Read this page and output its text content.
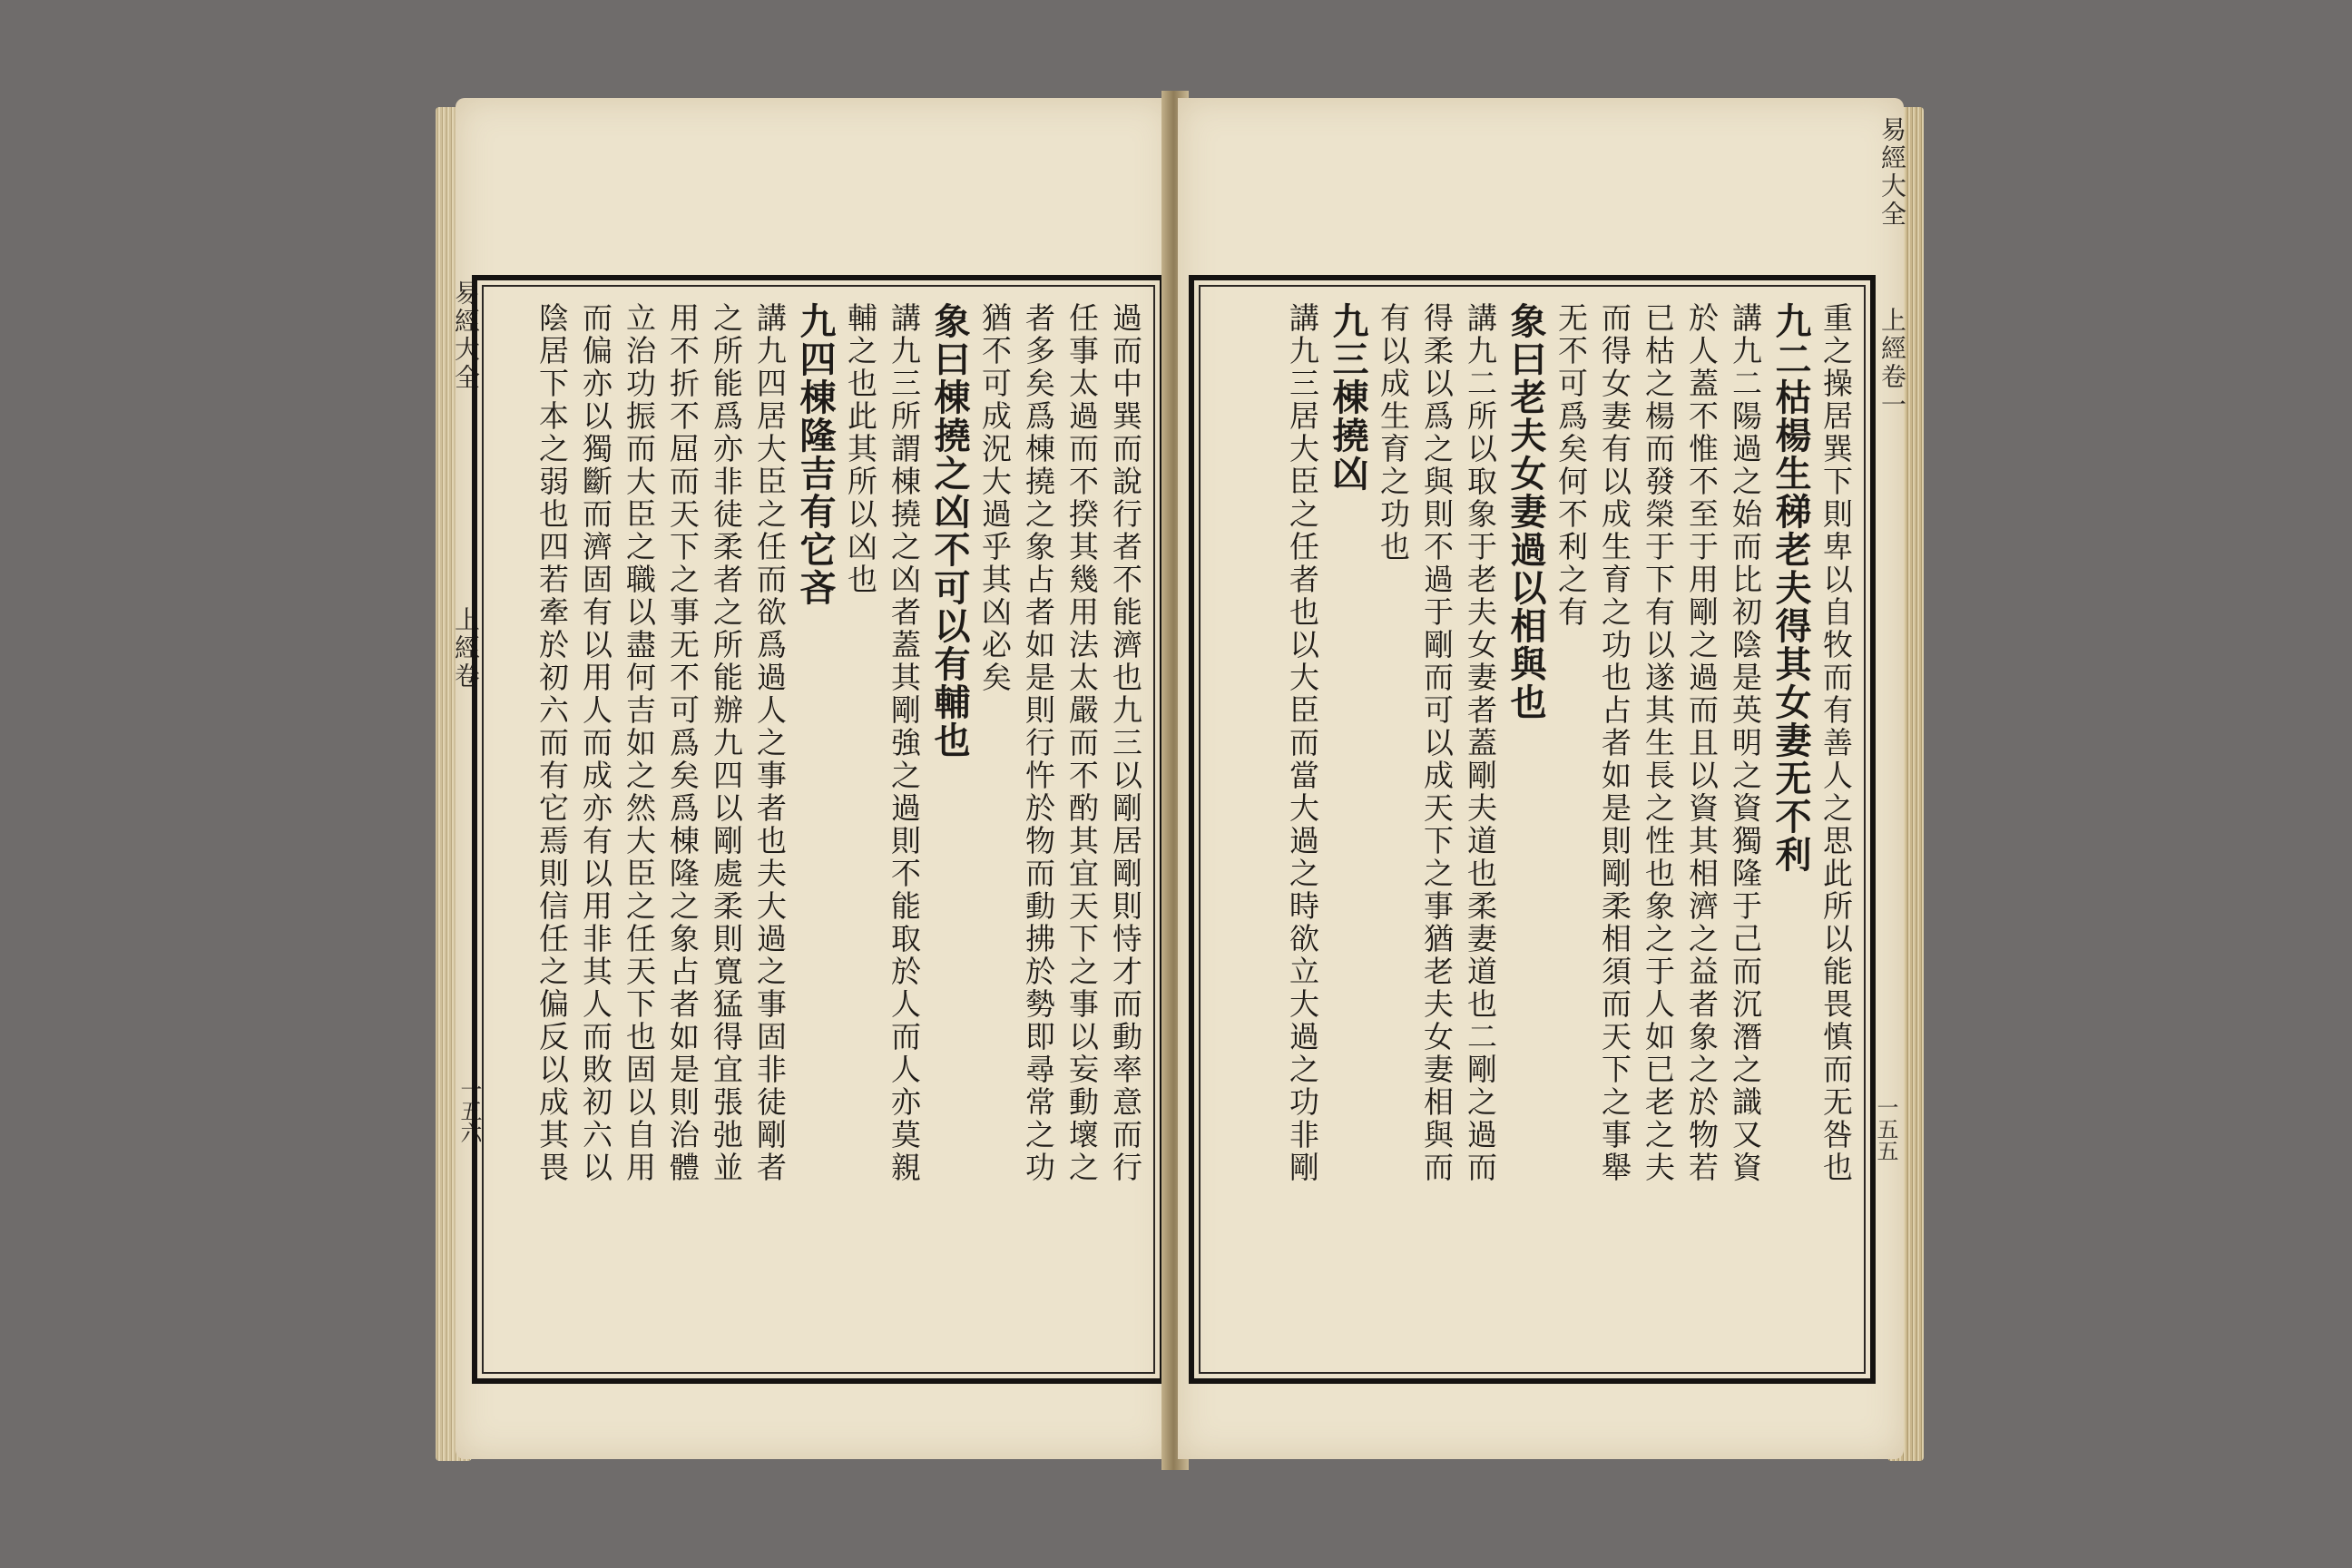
易經大全
上經卷
一五六	過而中巽而說行者不能濟也九三以剛居剛則恃才而動率意而行
任事太過而不揆其幾用法太嚴而不酌其宜天下之事以妄動壞之
者多矣爲棟撓之象占者如是則行忤於物而動拂於勢即尋常之功
猶不可成況大過乎其凶必矣
象曰棟撓之凶不可以有輔也
講九三所謂棟撓之凶者蓋其剛強之過則不能取於人而人亦莫親
輔之也此其所以凶也
九四棟隆吉有它吝
講九四居大臣之任而欲爲過人之事者也夫大過之事固非徒剛者
之所能爲亦非徒柔者之所能辦九四以剛處柔則寬猛得宜張弛並
用不折不屈而天下之事无不可爲矣爲棟隆之象占者如是則治體
立治功振而大臣之職以盡何吉如之然大臣之任天下也固以自用
而偏亦以獨斷而濟固有以用人而成亦有以用非其人而敗初六以
陰居下本之弱也四若牽於初六而有它焉則信任之偏反以成其畏
易經大全
上經卷一
一五五
重之操居巽下則卑以自牧而有善人之思此所以能畏慎而无咎也
九二枯楊生稊老夫得其女妻无不利
講九二陽過之始而比初陰是英明之資獨隆于己而沉潛之識又資
於人蓋不惟不至于用剛之過而且以資其相濟之益者象之於物若
已枯之楊而發榮于下有以遂其生長之性也象之于人如已老之夫
而得女妻有以成生育之功也占者如是則剛柔相須而天下之事舉
无不可爲矣何不利之有
象曰老夫女妻過以相與也
講九二所以取象于老夫女妻者蓋剛夫道也柔妻道也二剛之過而
得柔以爲之與則不過于剛而可以成天下之事猶老夫女妻相與而
有以成生育之功也
九三棟撓凶
講九三居大臣之任者也以大臣而當大過之時欲立大過之功非剛
